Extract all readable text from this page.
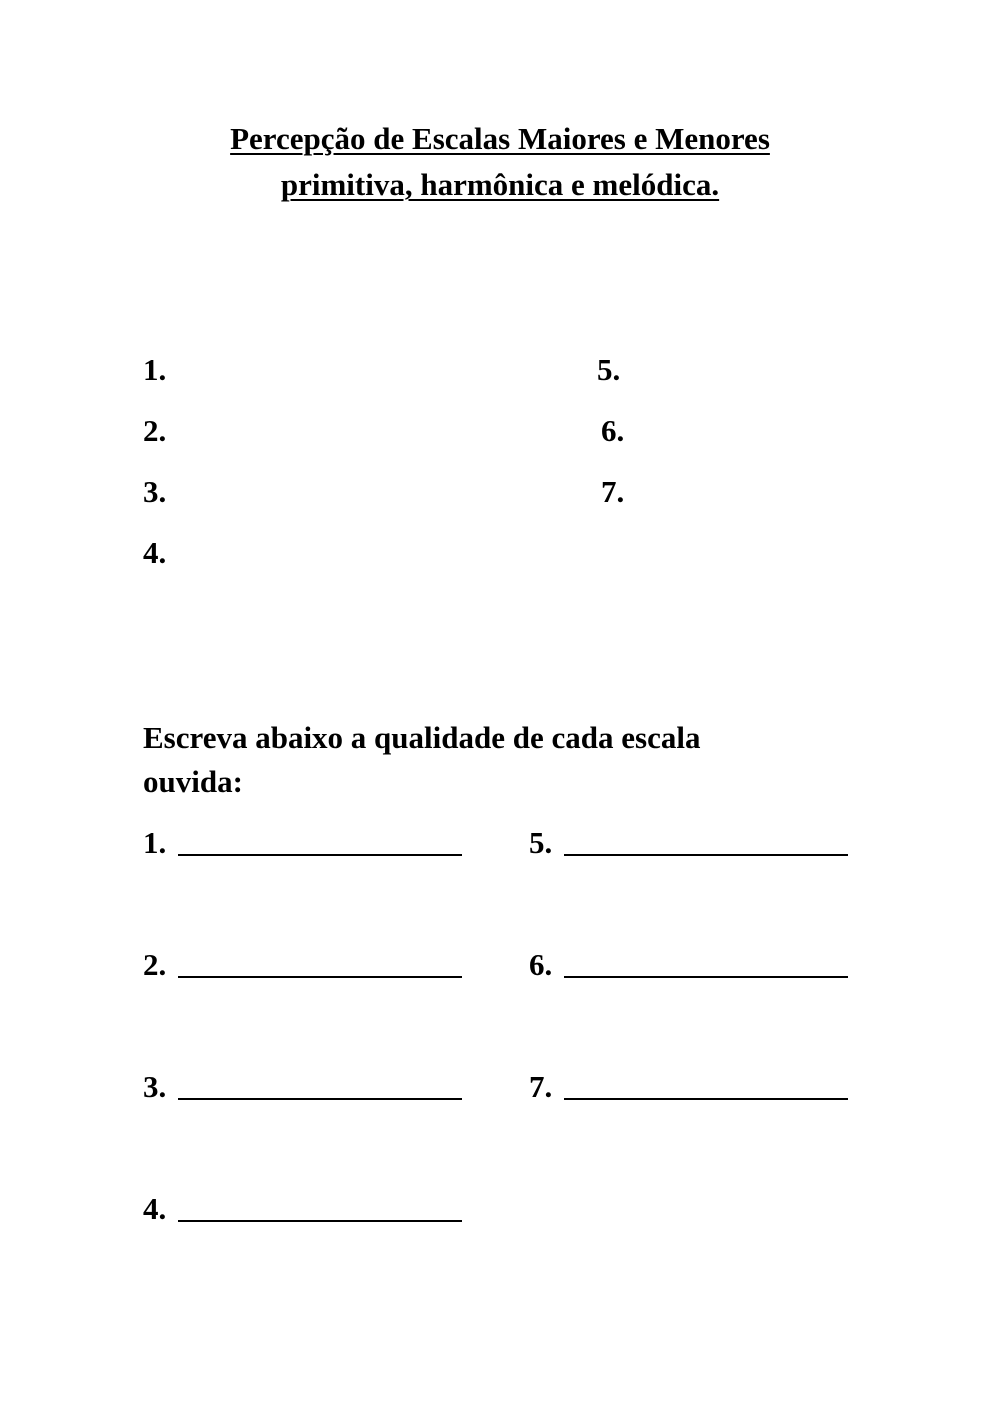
Percepção de Escalas Maiores e Menores
primitiva, harmônica e melódica.
1.
2.
3.
4.
5.
6.
7.
Escreva abaixo a qualidade de cada escala ouvida:
1.
2.
3.
4.
5.
6.
7.
